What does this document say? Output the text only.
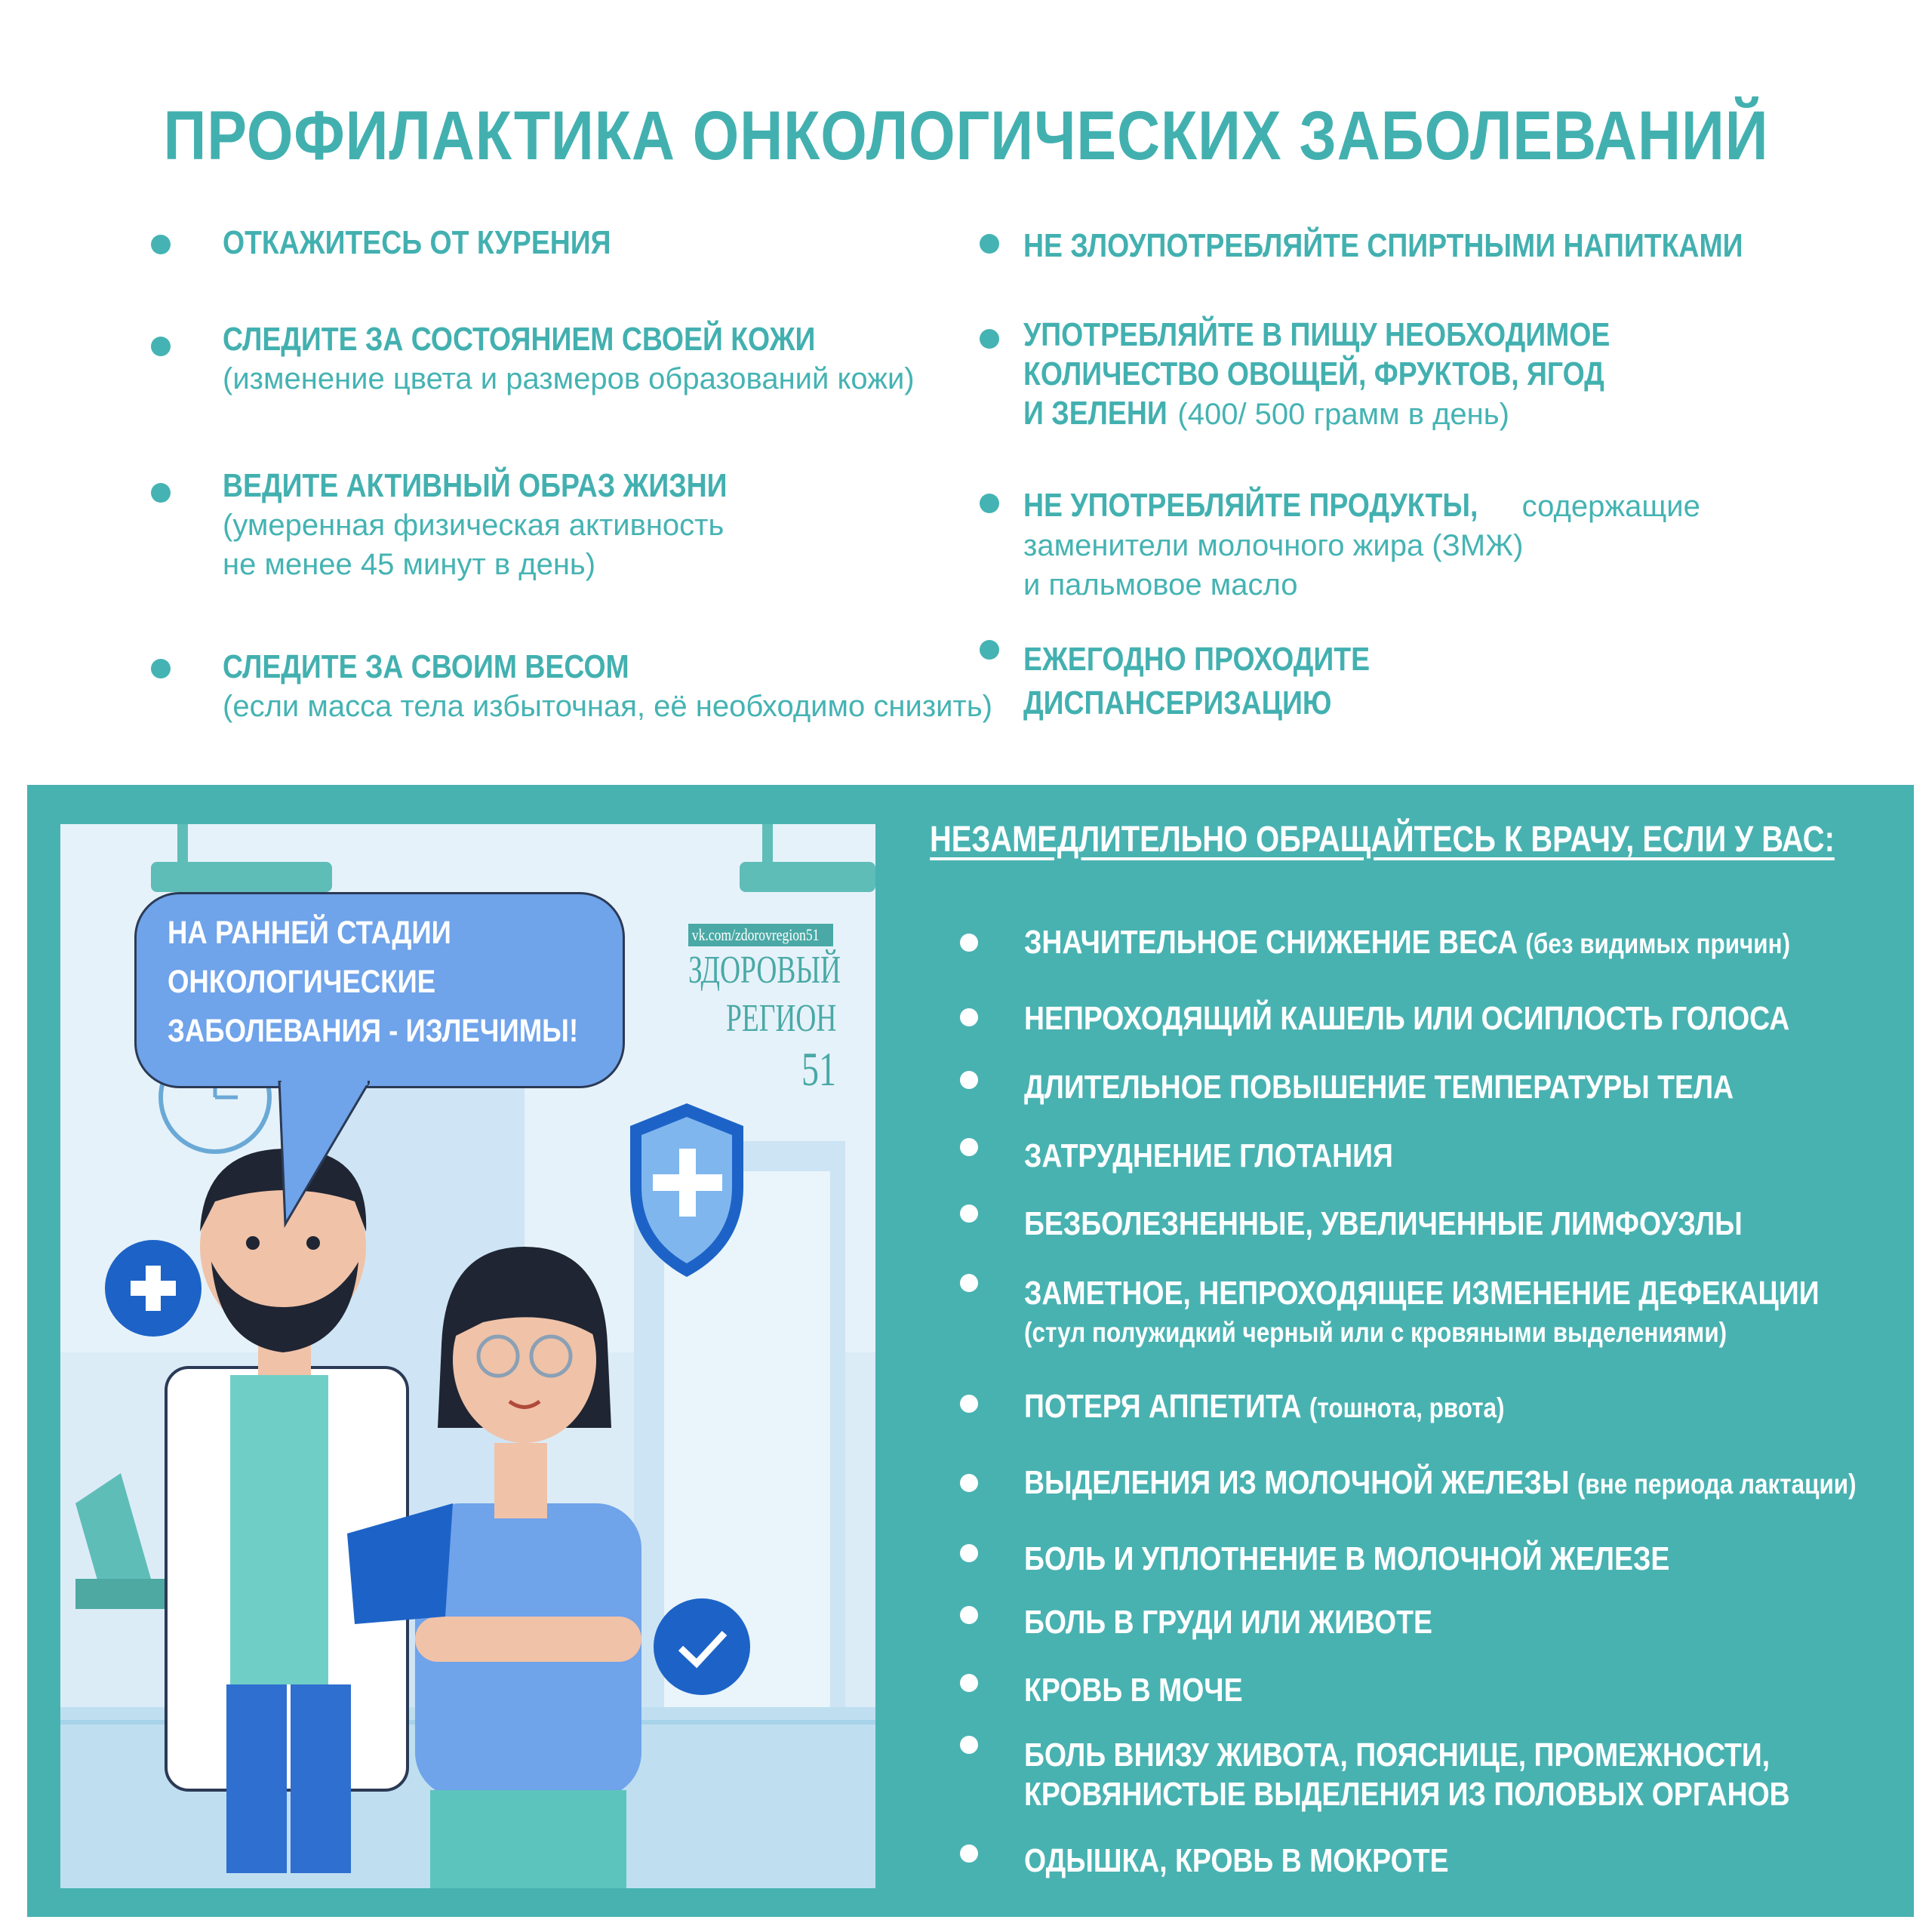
ПРОФИЛАКТИКА ОНКОЛОГИЧЕСКИХ ЗАБОЛЕВАНИЙ
ОТКАЖИТЕСЬ ОТ КУРЕНИЯ
СЛЕДИТЕ ЗА СОСТОЯНИЕМ СВОЕЙ КОЖИ
(изменение цвета и размеров образований кожи)
ВЕДИТЕ АКТИВНЫЙ ОБРАЗ ЖИЗНИ
(умеренная физическая активность
не менее 45 минут в день)
СЛЕДИТЕ ЗА СВОИМ ВЕСОМ
(если масса тела избыточная, её необходимо снизить)
НЕ ЗЛОУПОТРЕБЛЯЙТЕ СПИРТНЫМИ НАПИТКАМИ
УПОТРЕБЛЯЙТЕ В ПИЩУ НЕОБХОДИМОЕ
КОЛИЧЕСТВО ОВОЩЕЙ, ФРУКТОВ, ЯГОД
И ЗЕЛЕНИ (400/ 500 грамм в день)
НЕ УПОТРЕБЛЯЙТЕ ПРОДУКТЫ, содержащие
заменители молочного жира (ЗМЖ)
и пальмовое масло
ЕЖЕГОДНО ПРОХОДИТЕ
ДИСПАНСЕРИЗАЦИЮ
НА РАННЕЙ СТАДИИ
ОНКОЛОГИЧЕСКИЕ
ЗАБОЛЕВАНИЯ - ИЗЛЕЧИМЫ!
vk.com/zdorovregion51
ЗДОРОВЫЙ
РЕГИОН
51
НЕЗАМЕДЛИТЕЛЬНО ОБРАЩАЙТЕСЬ К ВРАЧУ, ЕСЛИ У ВАС:
ЗНАЧИТЕЛЬНОЕ СНИЖЕНИЕ ВЕСА (без видимых причин)
НЕПРОХОДЯЩИЙ КАШЕЛЬ ИЛИ ОСИПЛОСТЬ ГОЛОСА
ДЛИТЕЛЬНОЕ ПОВЫШЕНИЕ ТЕМПЕРАТУРЫ ТЕЛА
ЗАТРУДНЕНИЕ ГЛОТАНИЯ
БЕЗБОЛЕЗНЕННЫЕ, УВЕЛИЧЕННЫЕ ЛИМФОУЗЛЫ
ЗАМЕТНОЕ, НЕПРОХОДЯЩЕЕ ИЗМЕНЕНИЕ ДЕФЕКАЦИИ
(стул полужидкий черный или с кровяными выделениями)
ПОТЕРЯ АППЕТИТА (тошнота, рвота)
ВЫДЕЛЕНИЯ ИЗ МОЛОЧНОЙ ЖЕЛЕЗЫ (вне периода лактации)
БОЛЬ И УПЛОТНЕНИЕ В МОЛОЧНОЙ ЖЕЛЕЗЕ
БОЛЬ В ГРУДИ ИЛИ ЖИВОТЕ
КРОВЬ В МОЧЕ
БОЛЬ ВНИЗУ ЖИВОТА, ПОЯСНИЦЕ, ПРОМЕЖНОСТИ,
КРОВЯНИСТЫЕ ВЫДЕЛЕНИЯ ИЗ ПОЛОВЫХ ОРГАНОВ
ОДЫШКА, КРОВЬ В МОКРОТЕ
